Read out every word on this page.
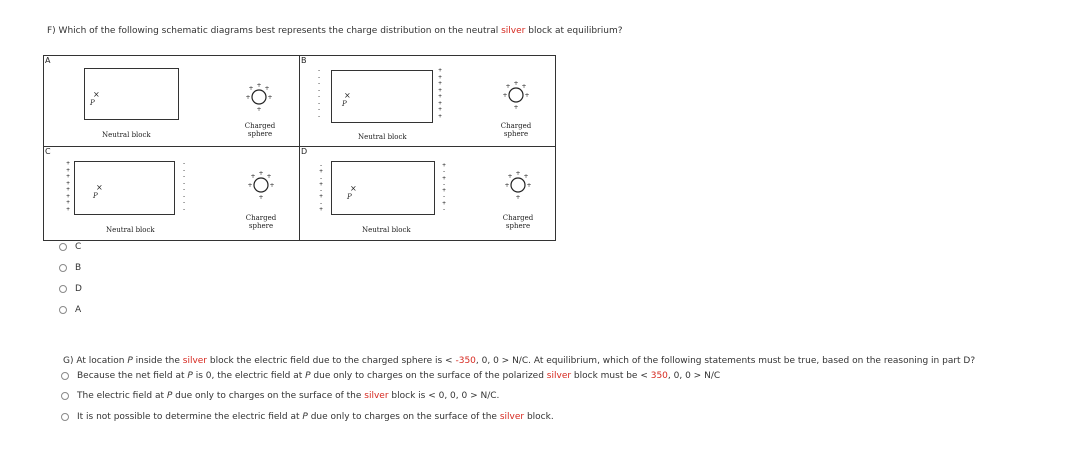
F) Which of the following schematic diagrams best represents the charge distribution on the neutral silver block at equilibrium?
A
×
P
Neutral block
+
+ +
+	+
+
Charged
sphere
B
-
-
-
-
-
-
-
-
×
P
+
+
+
+
+
+
+
+
Neutral block
+
+ +
+	+
+
Charged
sphere
C
+
+
+
+
+
+
+
+
×
P
-
-
-
-
-
-
-
-
Neutral block
+
+ +
+	+
+
Charged
sphere
D
-
+
-
+
-
+
-
+
×
P
+
-
+
-
+
-
+
-
Neutral block
+
+ +
+	+
+
Charged
sphere
C
B
D
A
G) At location P inside the silver block the electric field due to the charged sphere is < -350, 0, 0 > N/C. At equilibrium, which of the following statements must be true, based on the reasoning in part D?
Because the net field at P is 0, the electric field at P due only to charges on the surface of the polarized silver block must be < 350, 0, 0 > N/C
The electric field at P due only to charges on the surface of the silver block is < 0, 0, 0 > N/C.
It is not possible to determine the electric field at P due only to charges on the surface of the silver block.
